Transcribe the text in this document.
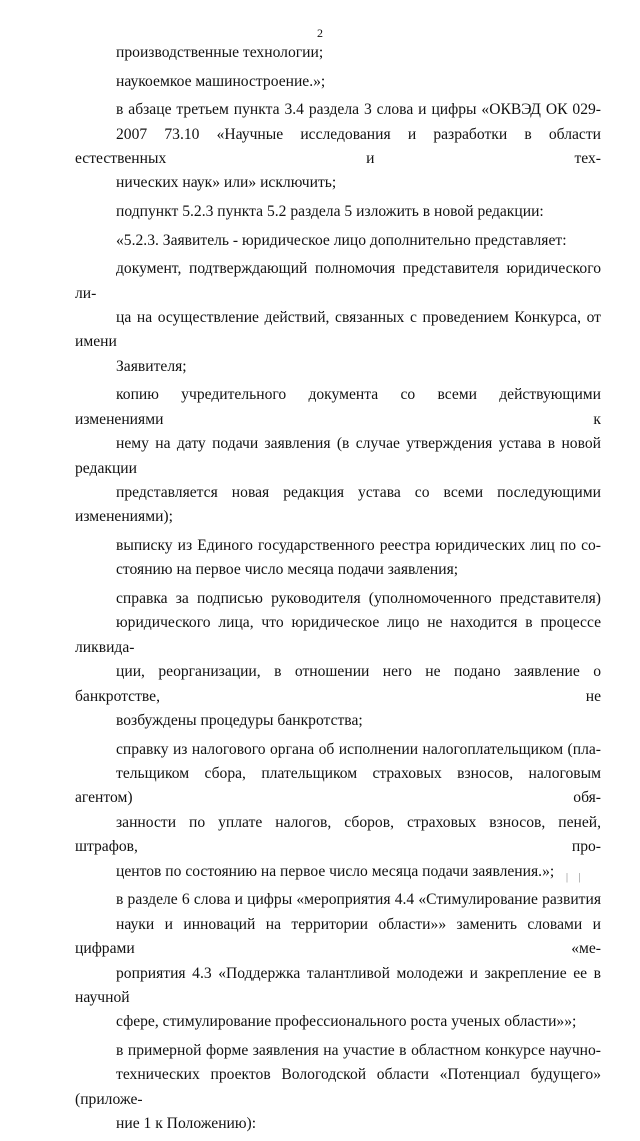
2
производственные технологии;
наукоемкое машиностроение.»;
в абзаце третьем пункта 3.4 раздела 3 слова и цифры «ОКВЭД ОК 029-
2007 73.10 «Научные исследования и разработки в области естественных и тех-
нических наук» или» исключить;
подпункт 5.2.3 пункта 5.2 раздела 5 изложить в новой редакции:
«5.2.3. Заявитель - юридическое лицо дополнительно представляет:
документ, подтверждающий полномочия представителя юридического ли-
ца на осуществление действий, связанных с проведением Конкурса, от имени
Заявителя;
копию учредительного документа со всеми действующими изменениями к
нему на дату подачи заявления (в случае утверждения устава в новой редакции
представляется новая редакция устава со всеми последующими изменениями);
выписку из Единого государственного реестра юридических лиц по со-
стоянию на первое число месяца подачи заявления;
справка за подписью руководителя (уполномоченного представителя)
юридического лица, что юридическое лицо не находится в процессе ликвида-
ции, реорганизации, в отношении него не подано заявление о банкротстве, не
возбуждены процедуры банкротства;
справку из налогового органа об исполнении налогоплательщиком (пла-
тельщиком сбора, плательщиком страховых взносов, налоговым агентом) обя-
занности по уплате налогов, сборов, страховых взносов, пеней, штрафов, про-
центов по состоянию на первое число месяца подачи заявления.»;
в разделе 6 слова и цифры «мероприятия 4.4 «Стимулирование развития
науки и инноваций на территории области»» заменить словами и цифрами «ме-
роприятия 4.3 «Поддержка талантливой молодежи и закрепление ее в научной
сфере, стимулирование профессионального роста ученых области»»;
в примерной форме заявления на участие в областном конкурсе научно-
технических проектов Вологодской области «Потенциал будущего» (приложе-
ние 1 к Положению):
| |
